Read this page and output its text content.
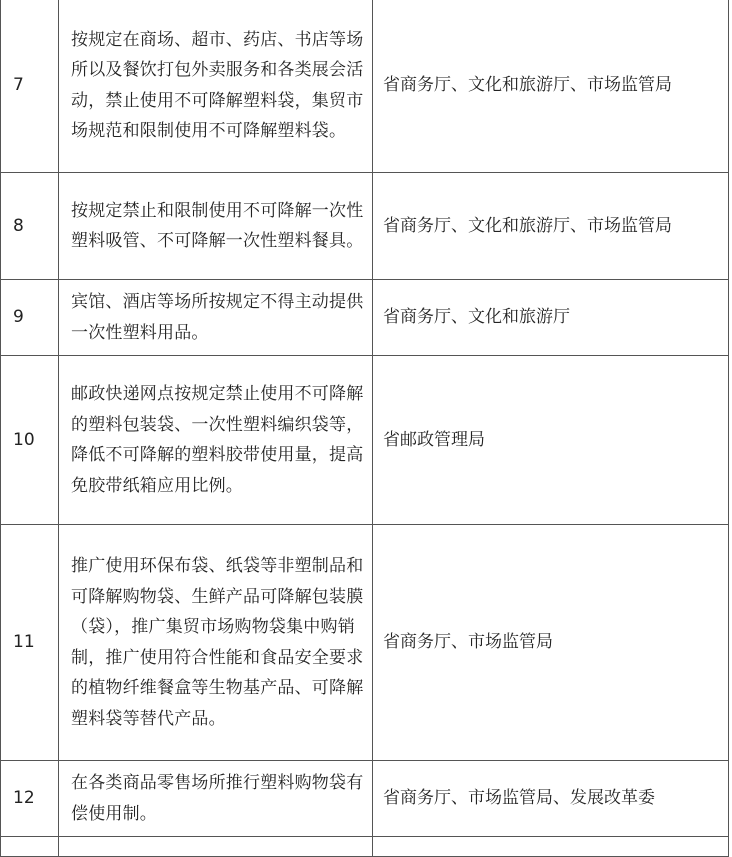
7	按规定在商场、超市、药店、书店等场所以及餐饮打包外卖服务和各类展会活动，禁止使用不可降解塑料袋，集贸市场规范和限制使用不可降解塑料袋。	省商务厅、文化和旅游厅、市场监管局
8	按规定禁止和限制使用不可降解一次性塑料吸管、不可降解一次性塑料餐具。	省商务厅、文化和旅游厅、市场监管局
9	宾馆、酒店等场所按规定不得主动提供一次性塑料用品。	省商务厅、文化和旅游厅
10	邮政快递网点按规定禁止使用不可降解的塑料包装袋、一次性塑料编织袋等，降低不可降解的塑料胶带使用量，提高免胶带纸箱应用比例。	省邮政管理局
11	推广使用环保布袋、纸袋等非塑制品和可降解购物袋、生鲜产品可降解包装膜（袋），推广集贸市场购物袋集中购销制，推广使用符合性能和食品安全要求的植物纤维餐盒等生物基产品、可降解塑料袋等替代产品。	省商务厅、市场监管局
12	在各类商品零售场所推行塑料购物袋有偿使用制。	省商务厅、市场监管局、发展改革委
